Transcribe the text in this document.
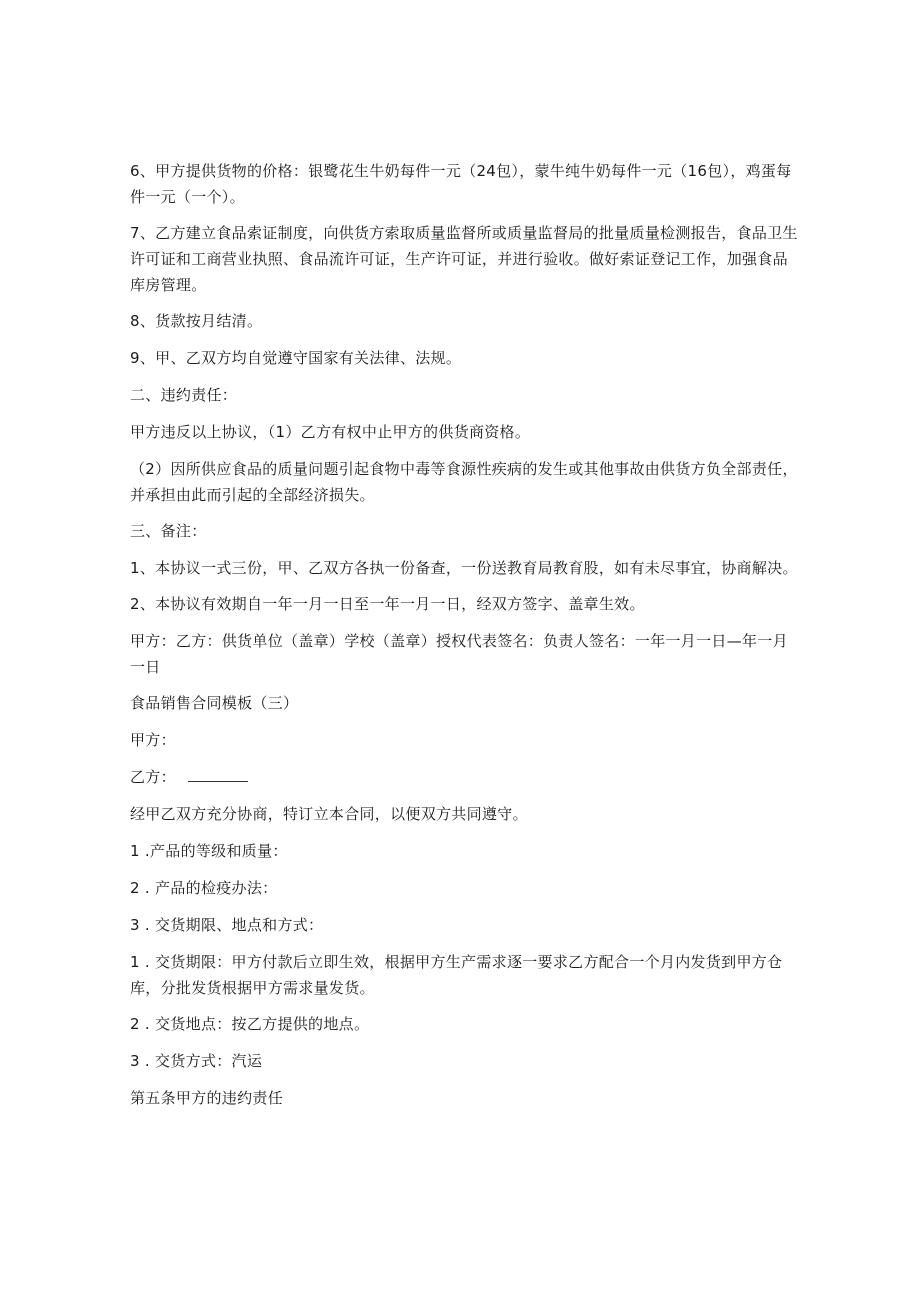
6、甲方提供货物的价格：银鹭花生牛奶每件一元（24包），蒙牛纯牛奶每件一元（16包），鸡蛋每件一元（一个）。

7、乙方建立食品索证制度，向供货方索取质量监督所或质量监督局的批量质量检测报告，食品卫生许可证和工商营业执照、食品流许可证，生产许可证，并进行验收。做好索证登记工作，加强食品库房管理。

8、货款按月结清。

9、甲、乙双方均自觉遵守国家有关法律、法规。

二、违约责任：

甲方违反以上协议，（1）乙方有权中止甲方的供货商资格。

（2）因所供应食品的质量问题引起食物中毒等食源性疾病的发生或其他事故由供货方负全部责任，并承担由此而引起的全部经济损失。

三、备注：

1、本协议一式三份，甲、乙双方各执一份备查，一份送教育局教育股，如有未尽事宜，协商解决。

2、本协议有效期自一年一月一日至一年一月一日，经双方签字、盖章生效。

甲方：乙方：供货单位（盖章）学校（盖章）授权代表签名：负责人签名：一年一月一日—年一月一日

食品销售合同模板（三）

甲方：

乙方：

经甲乙双方充分协商，特订立本合同，以便双方共同遵守。

1 .产品的等级和质量：

2 . 产品的检疫办法：

3 . 交货期限、地点和方式：

1 . 交货期限：甲方付款后立即生效，根据甲方生产需求逐一要求乙方配合一个月内发货到甲方仓库，分批发货根据甲方需求量发货。

2 . 交货地点：按乙方提供的地点。

3 . 交货方式：汽运

第五条甲方的违约责任
